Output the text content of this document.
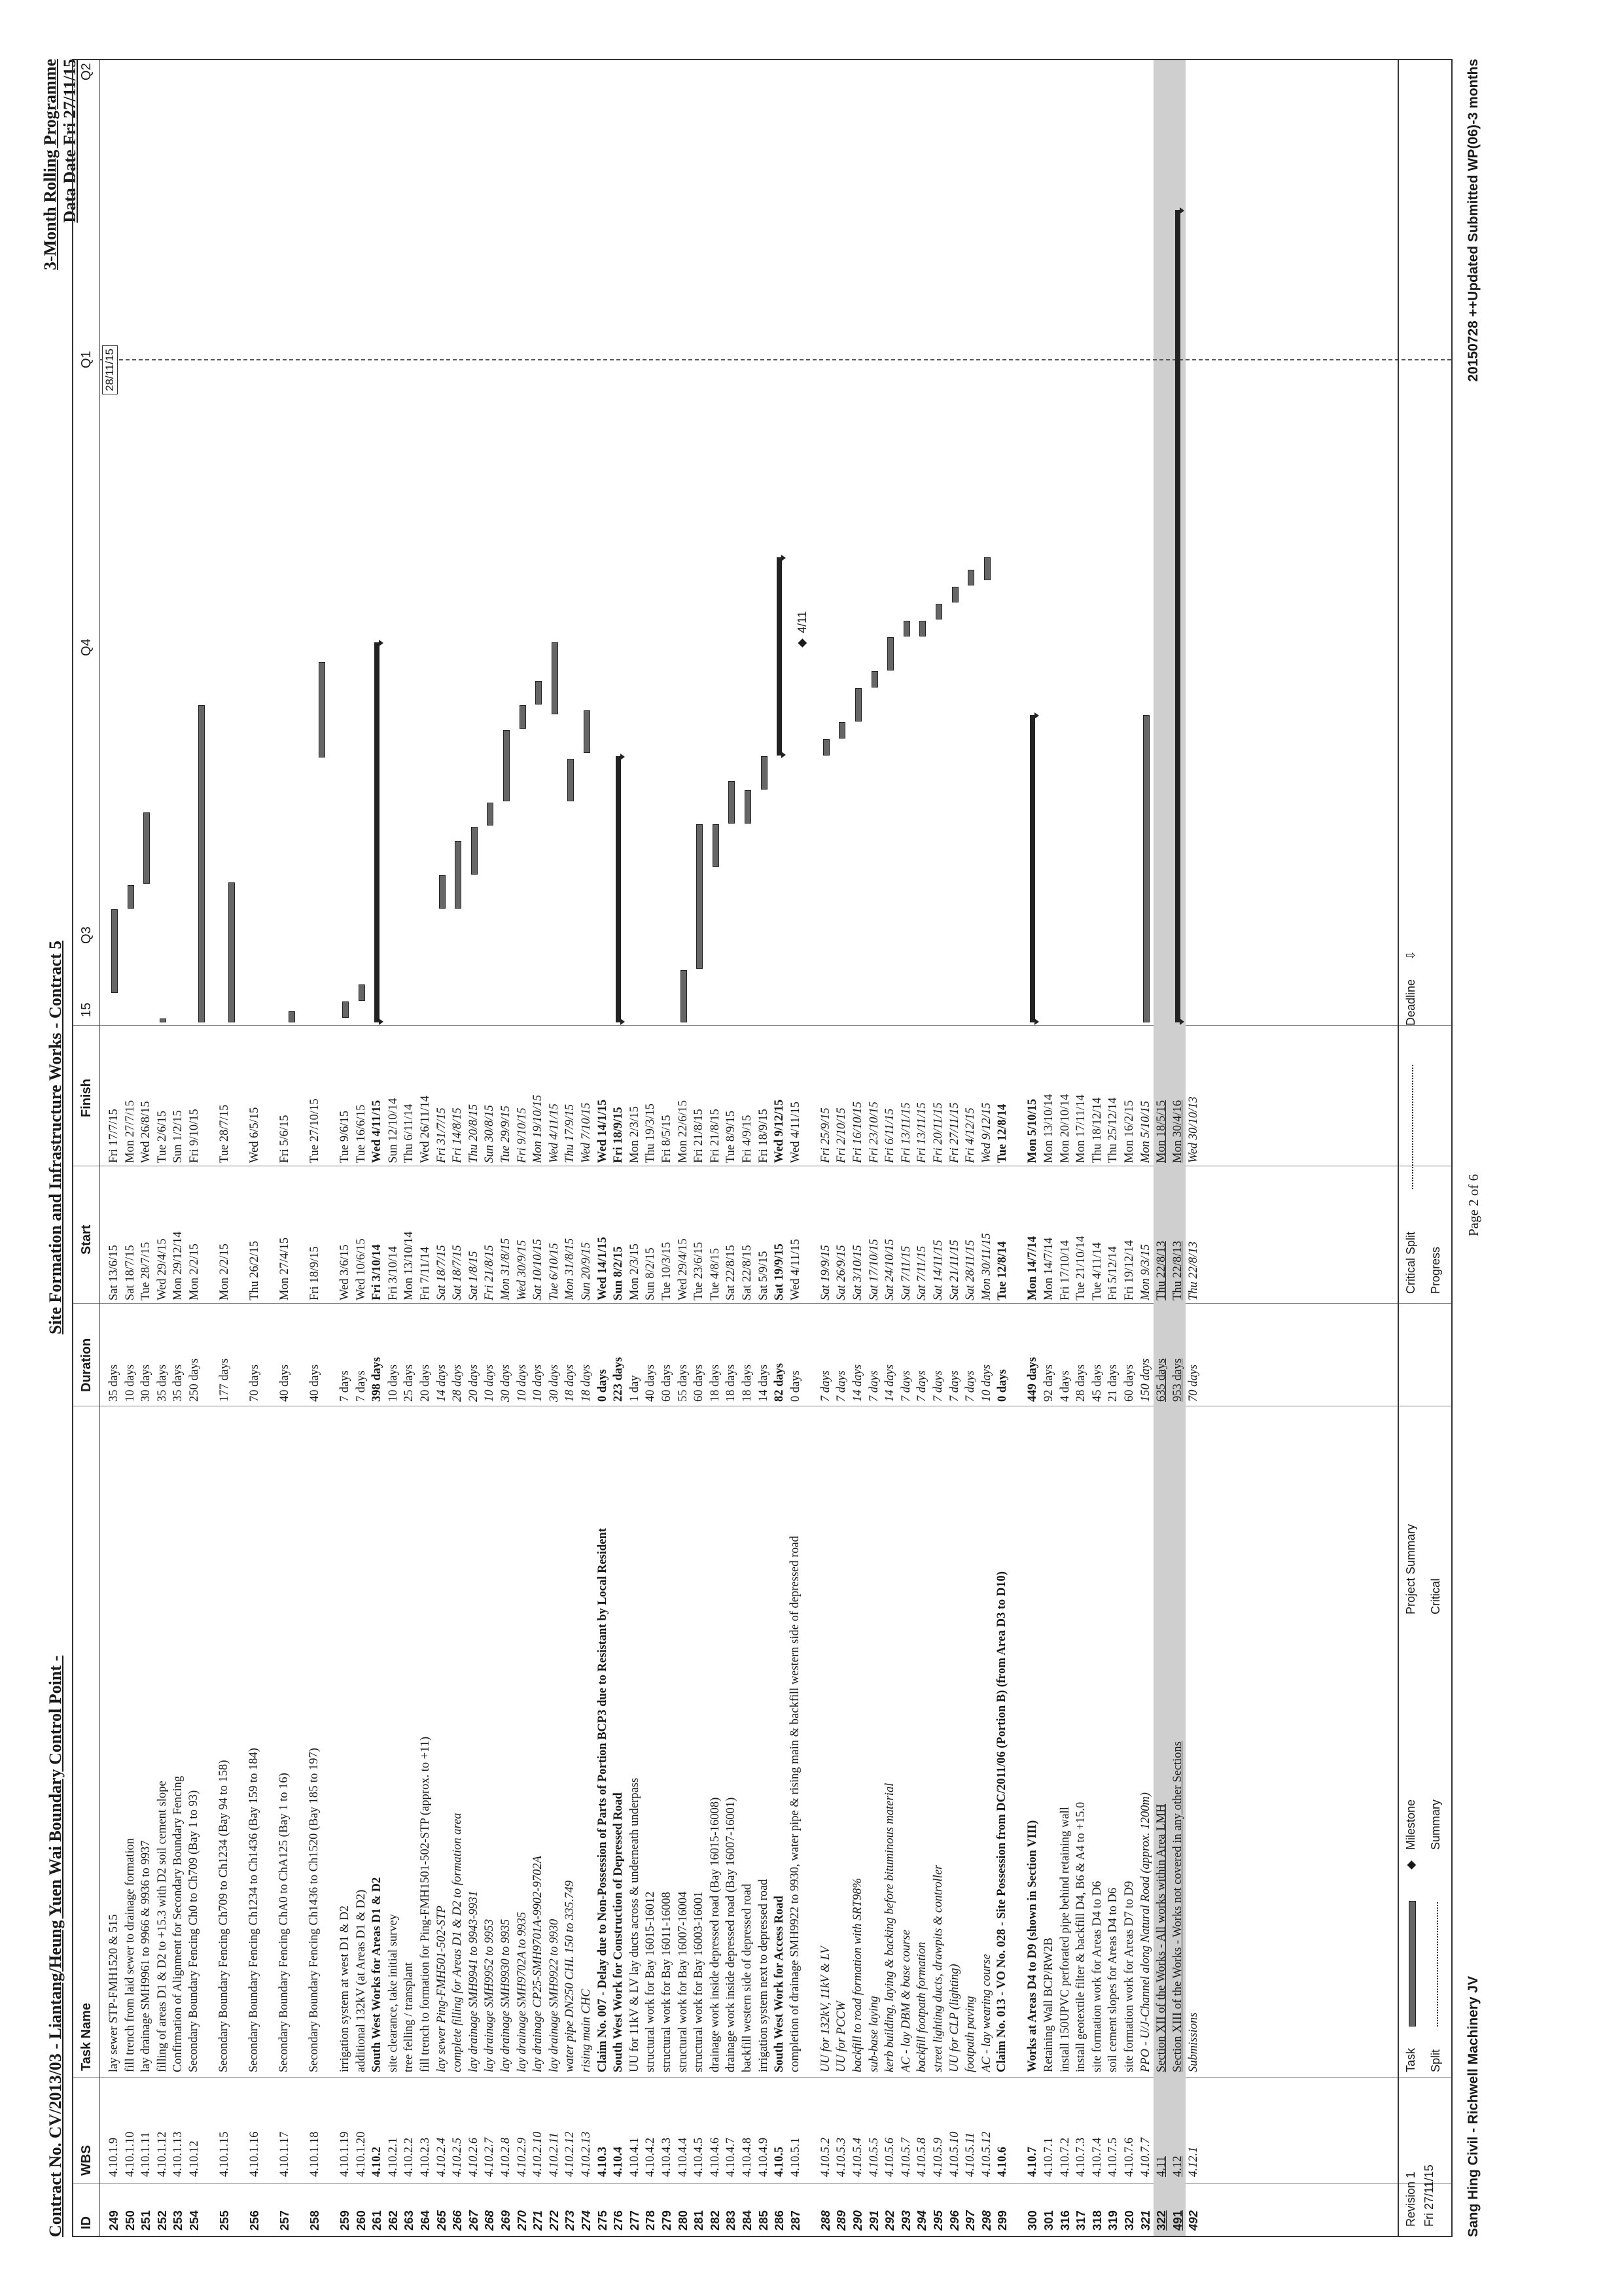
Contract No. CV/2013/03 - Liantang/Heung Yuen Wai Boundary Control Point -
Site Formation and Infrastructure Works - Contract 5
3-Month Rolling Programme Data Date Fri 27/11/15
ID
WBS
Task Name
Duration
Start
Finish
249
4.10.1.9
lay sewer STP-FMH1520 & 515
35 days
Sat 13/6/15
Fri 17/7/15
250
4.10.1.10
fill trench from laid sewer to drainage formation
10 days
Sat 18/7/15
Mon 27/7/15
251
4.10.1.11
lay drainage SMH9961 to 9966 & 9936 to 9937
30 days
Tue 28/7/15
Wed 26/8/15
252
4.10.1.12
filling of areas D1 & D2 to +15.3 with D2 soil cement slope
35 days
Wed 29/4/15
Tue 2/6/15
253
4.10.1.13
Confirmation of Alignment for Secondary Boundary Fencing
35 days
Mon 29/12/14
Sun 1/2/15
254
4.10.12
Secondary Boundary Fencing Ch0 to Ch709 (Bay 1 to 93)
250 days
Mon 2/2/15
Fri 9/10/15
255
4.10.1.15
Secondary Boundary Fencing Ch709 to Ch1234 (Bay 94 to 158)
177 days
Mon 2/2/15
Tue 28/7/15
256
4.10.1.16
Secondary Boundary Fencing Ch1234 to Ch1436 (Bay 159 to 184)
70 days
Thu 26/2/15
Wed 6/5/15
257
4.10.1.17
Secondary Boundary Fencing ChA0 to ChA125 (Bay 1 to 16)
40 days
Mon 27/4/15
Fri 5/6/15
258
4.10.1.18
Secondary Boundary Fencing Ch1436 to Ch1520 (Bay 185 to 197)
40 days
Fri 18/9/15
Tue 27/10/15
259
4.10.1.19
irrigation system at west D1 & D2
7 days
Wed 3/6/15
Tue 9/6/15
260
4.10.1.20
additional 132kV (at Areas D1 & D2)
7 days
Wed 10/6/15
Tue 16/6/15
261
4.10.2
South West Works for Areas D1 & D2
398 days
Fri 3/10/14
Wed 4/11/15
262
4.10.2.1
site clearance, take initial survey
10 days
Fri 3/10/14
Sun 12/10/14
263
4.10.2.2
tree felling / transplant
25 days
Mon 13/10/14
Thu 6/11/14
264
4.10.2.3
fill trench to formation for Ping-FMH1501-502-STP (approx. to +11)
20 days
Fri 7/11/14
Wed 26/11/14
265
4.10.2.4
lay sewer Ping-FMH501-502-STP
14 days
Sat 18/7/15
Fri 31/7/15
266
4.10.2.5
complete filling for Areas D1 & D2 to formation area
28 days
Sat 18/7/15
Fri 14/8/15
267
4.10.2.6
lay drainage SMH9941 to 9943-9931
20 days
Sat 1/8/15
Thu 20/8/15
268
4.10.2.7
lay drainage SMH9952 to 9953
10 days
Fri 21/8/15
Sun 30/8/15
269
4.10.2.8
lay drainage SMH9930 to 9935
30 days
Mon 31/8/15
Tue 29/9/15
270
4.10.2.9
lay drainage SMH9702A to 9935
10 days
Wed 30/9/15
Fri 9/10/15
271
4.10.2.10
lay drainage CP25-SMH9701A-9902-9702A
10 days
Sat 10/10/15
Mon 19/10/15
272
4.10.2.11
lay drainage SMH9922 to 9930
30 days
Tue 6/10/15
Wed 4/11/15
273
4.10.2.12
water pipe DN250 CHL 150 to 335.749
18 days
Mon 31/8/15
Thu 17/9/15
274
4.10.2.13
rising main CHC
18 days
Sun 20/9/15
Wed 7/10/15
275
4.10.3
Claim No. 007 - Delay due to Non-Possession of Parts of Portion BCP3 due to Resistant by Local Resident
0 days
Wed 14/1/15
Wed 14/1/15
276
4.10.4
South West Work for Construction of Depressed Road
223 days
Sun 8/2/15
Fri 18/9/15
277
4.10.4.1
UU for 11kV & LV lay ducts across & underneath underpass
1 day
Mon 2/3/15
Mon 2/3/15
278
4.10.4.2
structural work for Bay 16015-16012
40 days
Sun 8/2/15
Thu 19/3/15
279
4.10.4.3
structural work for Bay 16011-16008
60 days
Tue 10/3/15
Fri 8/5/15
280
4.10.4.4
structural work for Bay 16007-16004
55 days
Wed 29/4/15
Mon 22/6/15
281
4.10.4.5
structural work for Bay 16003-16001
60 days
Tue 23/6/15
Fri 21/8/15
282
4.10.4.6
drainage work inside depressed road (Bay 16015-16008)
18 days
Tue 4/8/15
Fri 21/8/15
283
4.10.4.7
drainage work inside depressed road (Bay 16007-16001)
18 days
Sat 22/8/15
Tue 8/9/15
284
4.10.4.8
backfill western side of depressed road
18 days
Sat 22/8/15
Fri 4/9/15
285
4.10.4.9
irrigation system next to depressed road
14 days
Sat 5/9/15
Fri 18/9/15
286
4.10.5
South West Work for Access Road
82 days
Sat 19/9/15
Wed 9/12/15
287
4.10.5.1
completion of drainage SMH9922 to 9930, water pipe & rising main & backfill western side of depressed road
0 days
Wed 4/11/15
Wed 4/11/15
288
4.10.5.2
UU for 132kV, 11kV & LV
7 days
Sat 19/9/15
Fri 25/9/15
289
4.10.5.3
UU for PCCW
7 days
Sat 26/9/15
Fri 2/10/15
290
4.10.5.4
backfill to road formation with SRT98%
14 days
Sat 3/10/15
Fri 16/10/15
291
4.10.5.5
sub-base laying
7 days
Sat 17/10/15
Fri 23/10/15
292
4.10.5.6
kerb building, laying & backing before bituminous material
14 days
Sat 24/10/15
Fri 6/11/15
293
4.10.5.7
AC - lay DBM & base course
7 days
Sat 7/11/15
Fri 13/11/15
294
4.10.5.8
backfill footpath formation
7 days
Sat 7/11/15
Fri 13/11/15
295
4.10.5.9
street lighting ducts, drawpits & controller
7 days
Sat 14/11/15
Fri 20/11/15
296
4.10.5.10
UU for CLP (lighting)
7 days
Sat 21/11/15
Fri 27/11/15
297
4.10.5.11
footpath paving
7 days
Sat 28/11/15
Fri 4/12/15
298
4.10.5.12
AC - lay wearing course
10 days
Mon 30/11/15
Wed 9/12/15
299
4.10.6
Claim No. 013 - VO No. 028 - Site Possession from DC/2011/06 (Portion B) (from Area D3 to D10)
0 days
Tue 12/8/14
Tue 12/8/14
300
4.10.7
Works at Areas D4 to D9 (shown in Section VIII)
449 days
Mon 14/7/14
Mon 5/10/15
301
4.10.7.1
Retaining Wall BCP/RW2B
92 days
Mon 14/7/14
Mon 13/10/14
316
4.10.7.2
install 150UPVC perforated pipe behind retaining wall
4 days
Fri 17/10/14
Mon 20/10/14
317
4.10.7.3
install geotextile filter & backfill D4, B6 & A4 to +15.0
28 days
Tue 21/10/14
Mon 17/11/14
318
4.10.7.4
site formation work for Areas D4 to D6
45 days
Tue 4/11/14
Thu 18/12/14
319
4.10.7.5
soil cement slopes for Areas D4 to D6
21 days
Fri 5/12/14
Thu 25/12/14
320
4.10.7.6
site formation work for Areas D7 to D9
60 days
Fri 19/12/14
Mon 16/2/15
321
4.10.7.7
PPO - U/J-Channel along Natural Road (approx. 1200m)
150 days
Mon 9/3/15
Mon 5/10/15
322
4.11
Section XII of the Works - All works within Area LMH
635 days
Thu 22/8/13
Mon 18/5/15
491
4.12
Section XIII of the Works - Works not covered in any other Sections
953 days
Thu 22/8/13
Mon 30/4/16
492
4.12.1
Submissions
70 days
Thu 22/8/13
Wed 30/10/13
15
Q3
Q4
Q1
Q2
28/11/15
◆
4/11
Revision 1 Fri 27/11/15
Task Split
◆
Milestone Summary
Project Summary Critical
Critical Split Progress
Deadline
⇩
Sang Hing Civil - Richwell Machinery JV
Page 2 of 6
20150728 ++Updated Submitted WP(06)-3 months
